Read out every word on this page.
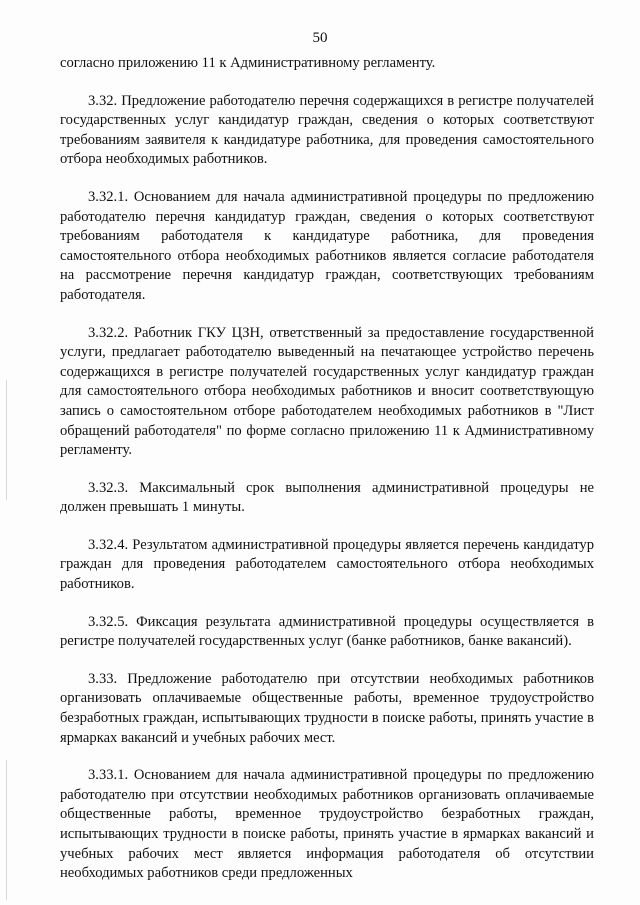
50

согласно приложению 11 к Административному регламенту.

3.32. Предложение работодателю перечня содержащихся в регистре получателей государственных услуг кандидатур граждан, сведения о которых соответствуют требованиям заявителя к кандидатуре работника, для проведения самостоятельного отбора необходимых работников.

3.32.1. Основанием для начала административной процедуры по предложению работодателю перечня кандидатур граждан, сведения о которых соответствуют требованиям работодателя к кандидатуре работника, для проведения самостоятельного отбора необходимых работников является согласие работодателя на рассмотрение перечня кандидатур граждан, соответствующих требованиям работодателя.

3.32.2. Работник ГКУ ЦЗН, ответственный за предоставление государственной услуги, предлагает работодателю выведенный на печатающее устройство перечень содержащихся в регистре получателей государственных услуг кандидатур граждан для самостоятельного отбора необходимых работников и вносит соответствующую запись о самостоятельном отборе работодателем необходимых работников в "Лист обращений работодателя" по форме согласно приложению 11 к Административному регламенту.

3.32.3. Максимальный срок выполнения административной процедуры не должен превышать 1 минуты.

3.32.4. Результатом административной процедуры является перечень кандидатур граждан для проведения работодателем самостоятельного отбора необходимых работников.

3.32.5. Фиксация результата административной процедуры осуществляется в регистре получателей государственных услуг (банке работников, банке вакансий).

3.33. Предложение работодателю при отсутствии необходимых работников организовать оплачиваемые общественные работы, временное трудоустройство безработных граждан, испытывающих трудности в поиске работы, принять участие в ярмарках вакансий и учебных рабочих мест.

3.33.1. Основанием для начала административной процедуры по предложению работодателю при отсутствии необходимых работников организовать оплачиваемые общественные работы, временное трудоустройство безработных граждан, испытывающих трудности в поиске работы, принять участие в ярмарках вакансий и учебных рабочих мест является информация работодателя об отсутствии необходимых работников среди предложенных
